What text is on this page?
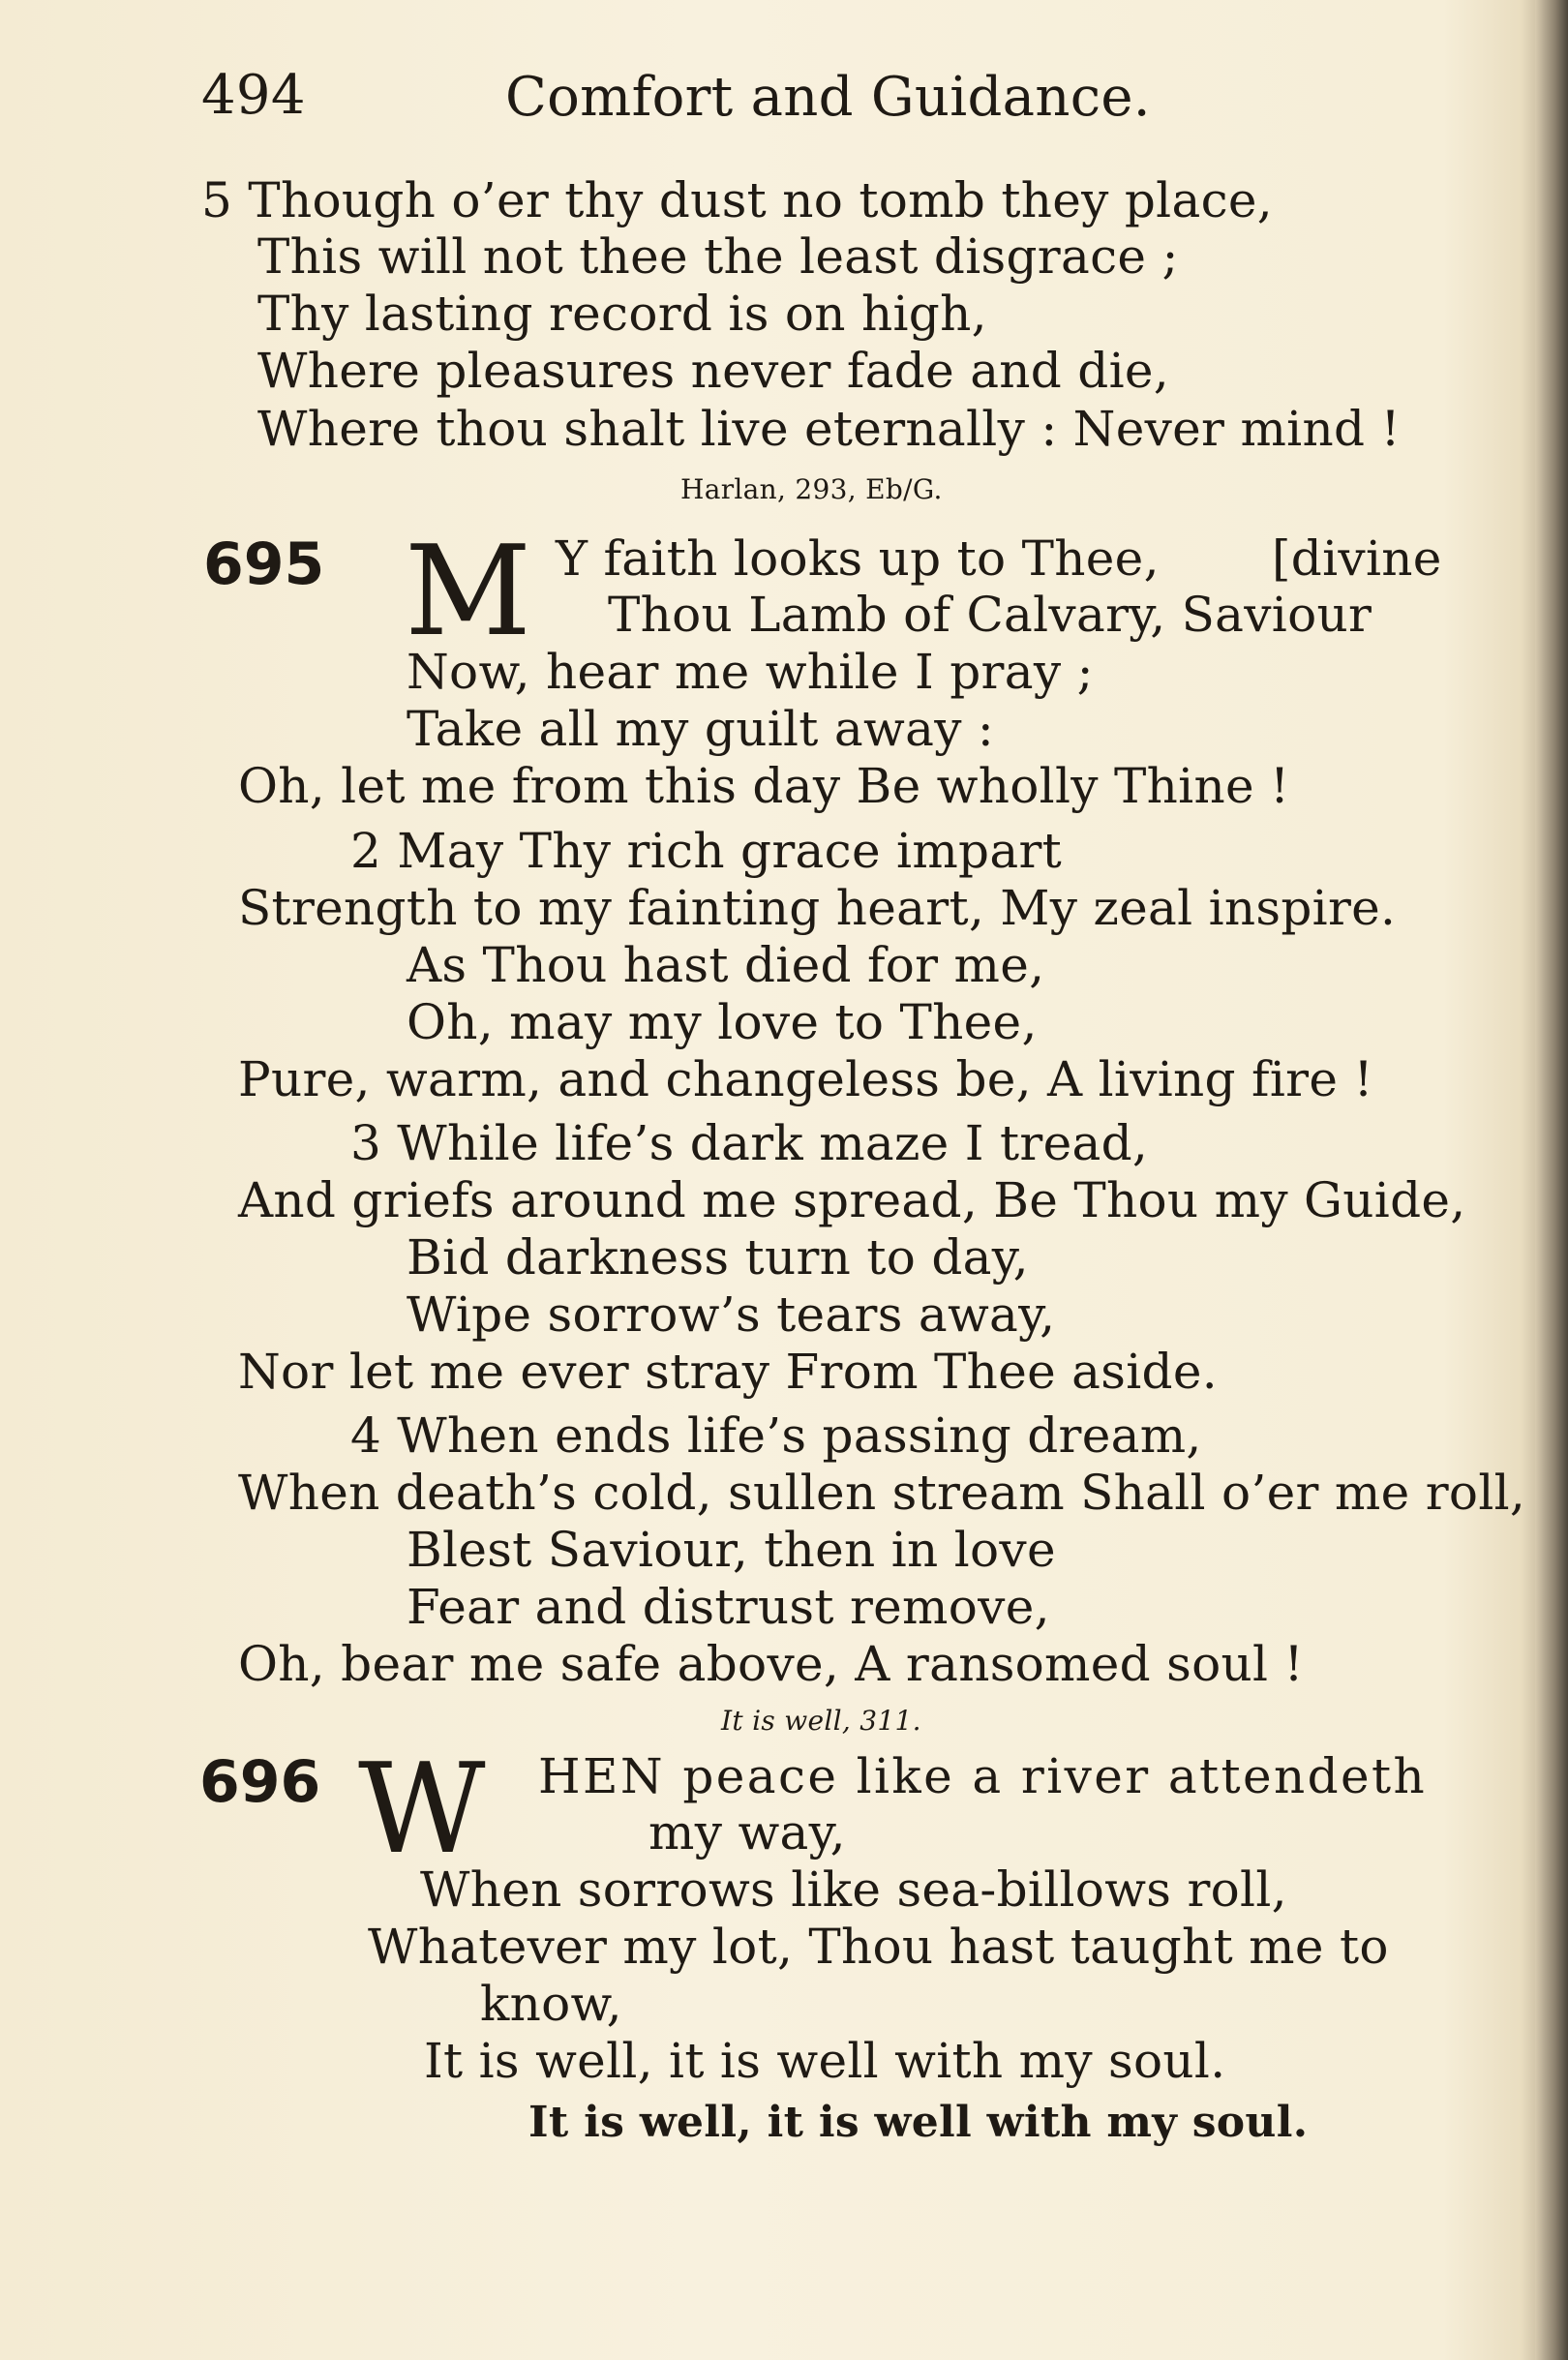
494	Comfort and Guidance.
5 Though o’er thy dust no tomb they place,
This will not thee the least disgrace ;
Thy lasting record is on high,
Where pleasures never fade and die,
Where thou shalt live eternally : Never mind !
Harlan, 293, Eb/G.
695 M Y faith looks up to Thee, [divine
Thou Lamb of Calvary, Saviour
Now, hear me while I pray ;
Take all my guilt away :
Oh, let me from this day Be wholly Thine !
2 May Thy rich grace impart
Strength to my fainting heart, My zeal inspire.
As Thou hast died for me,
Oh, may my love to Thee,
Pure, warm, and changeless be, A living fire !
3 While life’s dark maze I tread,
And griefs around me spread, Be Thou my Guide,
Bid darkness turn to day,
Wipe sorrow’s tears away,
Nor let me ever stray From Thee aside.
4 When ends life’s passing dream,
When death’s cold, sullen stream Shall o’er me roll,
Blest Saviour, then in love
Fear and distrust remove,
Oh, bear me safe above, A ransomed soul !
It is well, 311.
696 W HEN peace like a river attendeth
my way,
When sorrows like sea-billows roll,
Whatever my lot, Thou hast taught me to
know,
It is well, it is well with my soul.
It is well, it is well with my soul.
